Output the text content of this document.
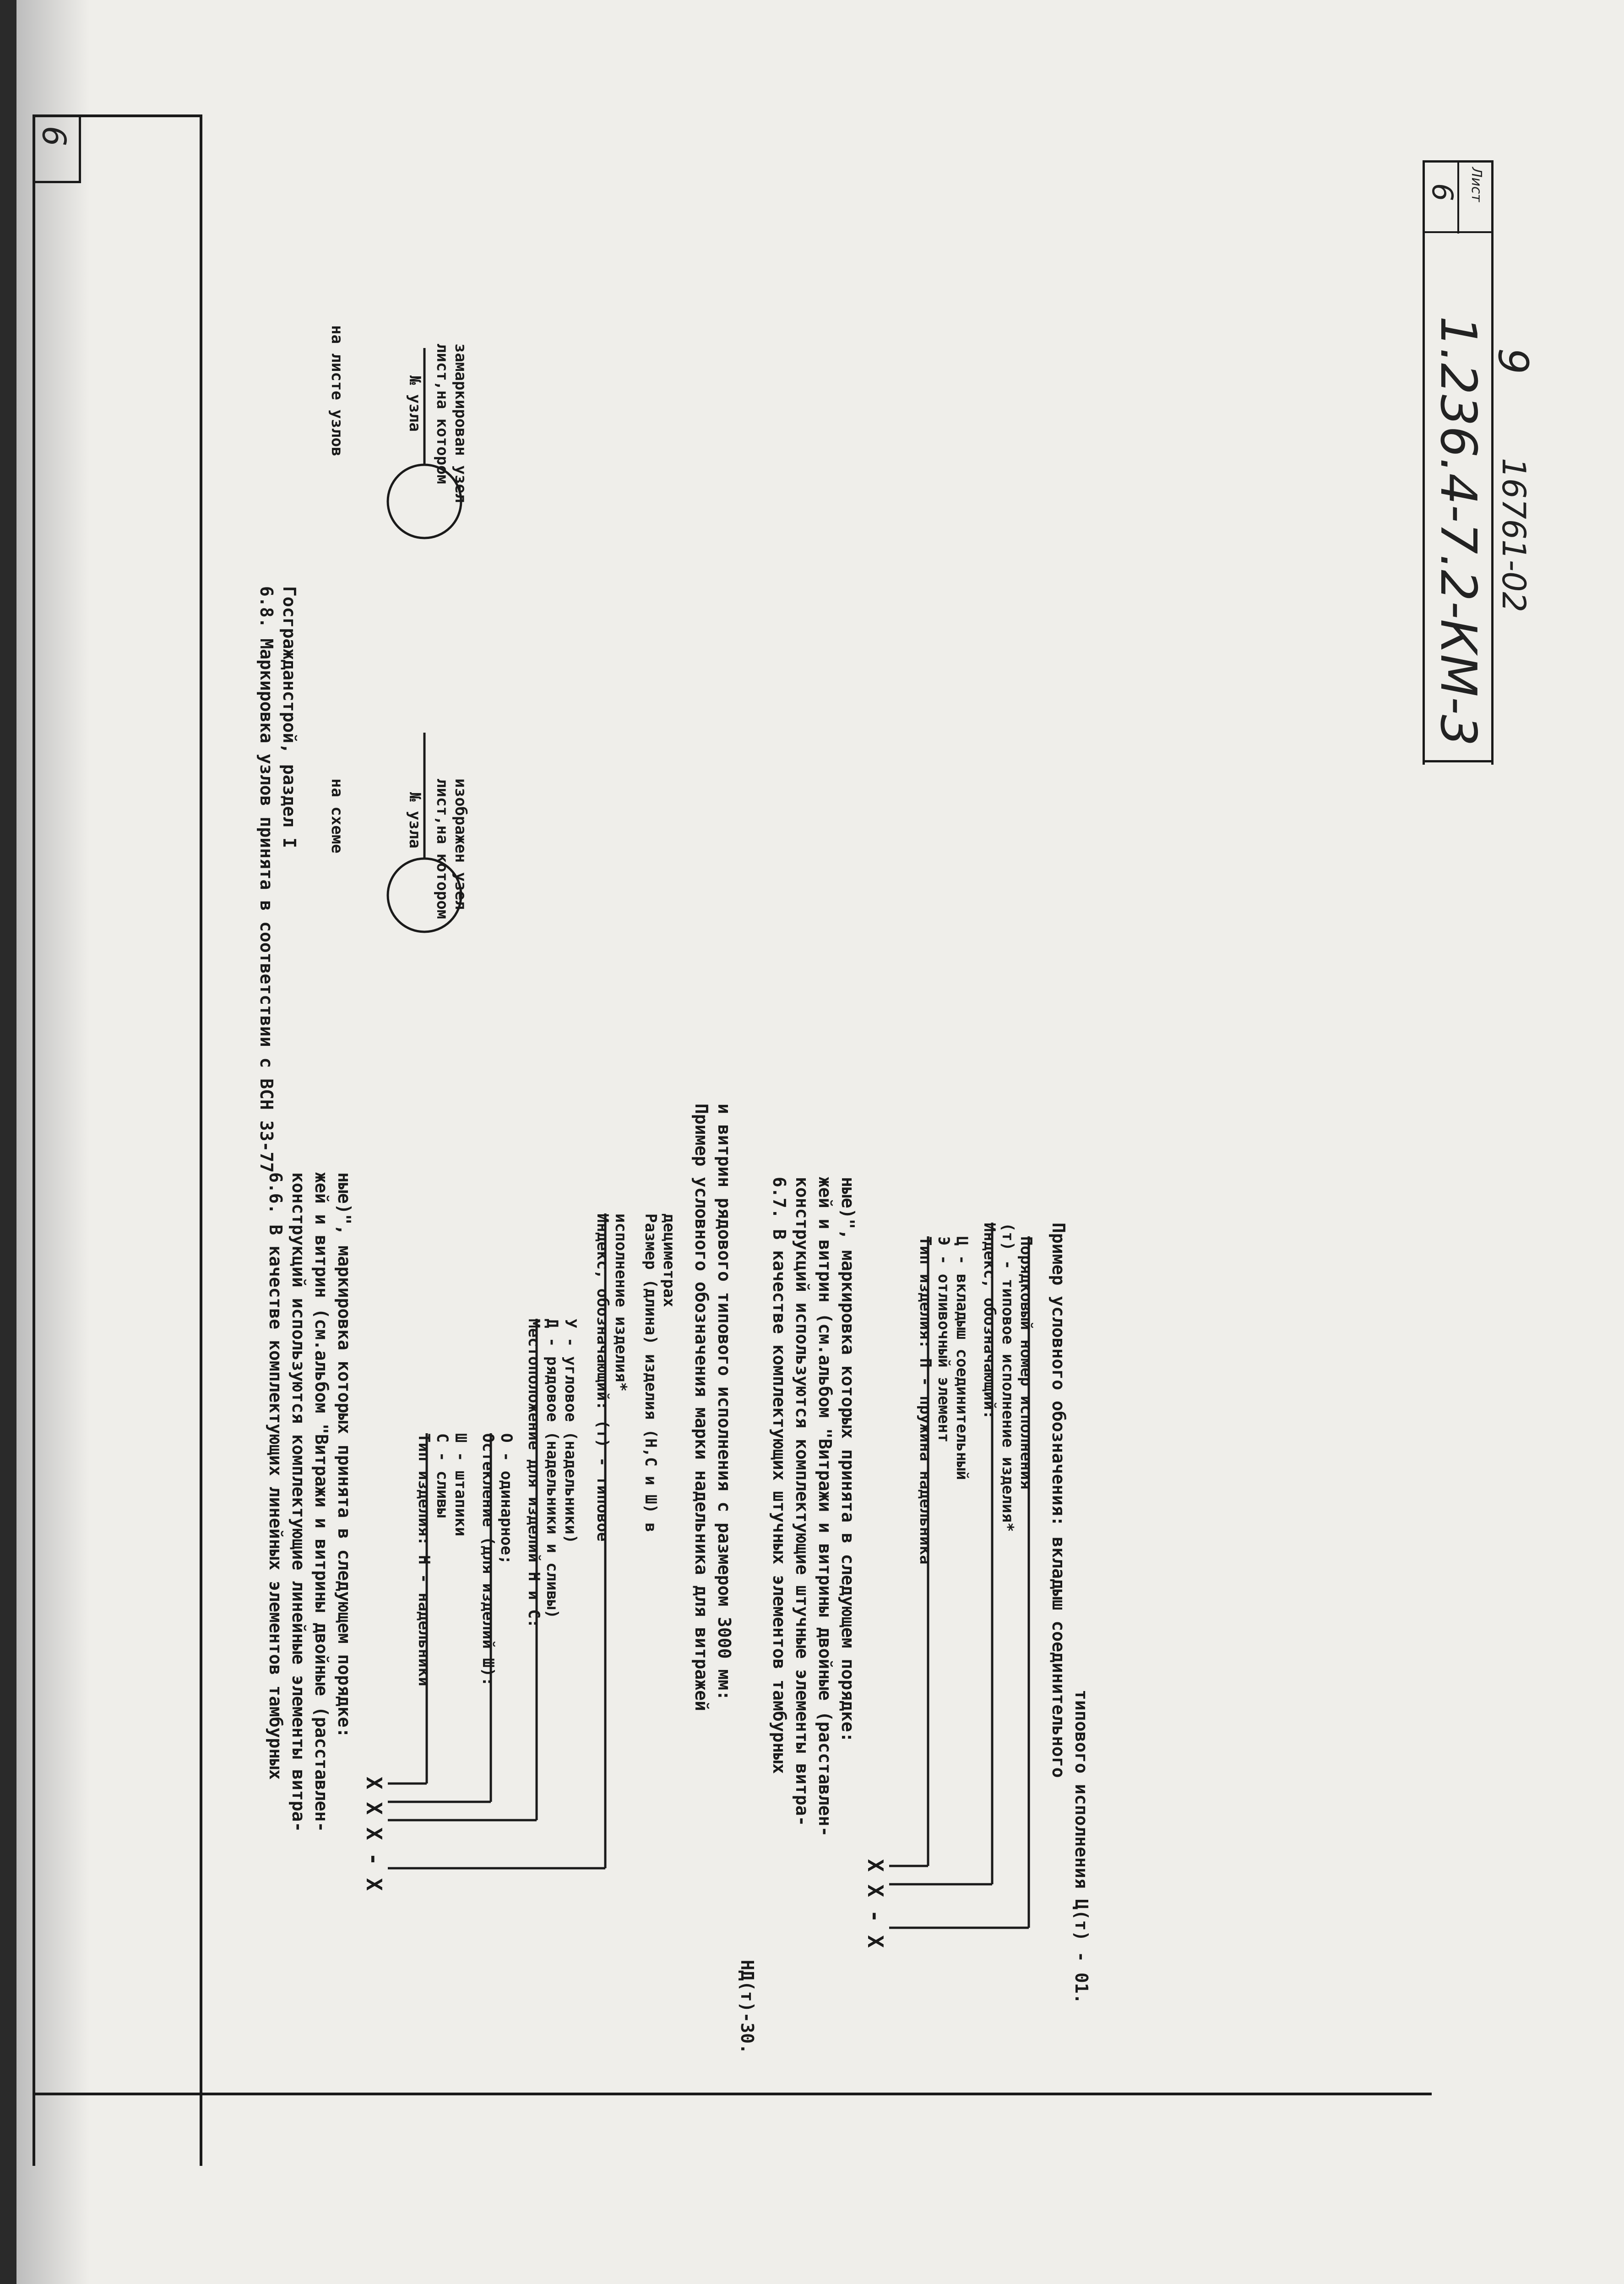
9
Лист
6
1.236.4-7.2-КМ-3 16761-02
9
6.6. В качестве комплектующих линейных элементов тамбурных конструкций используются комплектующие линейные элементы витра- жей и витрин (см.альбом "Витражи и витрины двойные (расставлен- ные)", маркировка которых принята в следующем порядке:
Х Х Х - Х
Тип изделия: Н - надельники С - сливы Ш - штапики Остекление (для изделий Ш): О - одинарное; Местоположение для изделий Н и С: Д - рядовое (надельники и сливы) У - угловое (надельники) Индекс, обозначающий: (т) - типовое исполнение изделия* Размер (длина) изделия (Н,С и Ш) в дециметрах Пример условного обозначения марки надельника для витражей и витрин рядового типового исполнения с размером 3000 мм:
НД(т)-30.
6.7. В качестве комплектующих штучных элементов тамбурных конструкций используются комплектующие штучные элементы витра- жей и витрин (см.альбом "Витражи и витрины двойные (расставлен- ные)", маркировка которых принята в следующем порядке:
Х Х - Х
Тип изделия: П - пружина надельника Э - отливочный элемент Ц - вкладыш соединительный Индекс, обозначающий: (т) - типовое исполнение изделия* Порядковый номер исполнения Пример условного обозначения: вкладыш соединительного
типового исполнения Ц(т) - 01.
6.8. Маркировка узлов принята в соответствии с ВСН 33-77 Госгражданстрой, раздел I на схеме	№ узла лист,на котором изображен узел
на листе узлов	№ узла лист,на котором замаркирован узел
